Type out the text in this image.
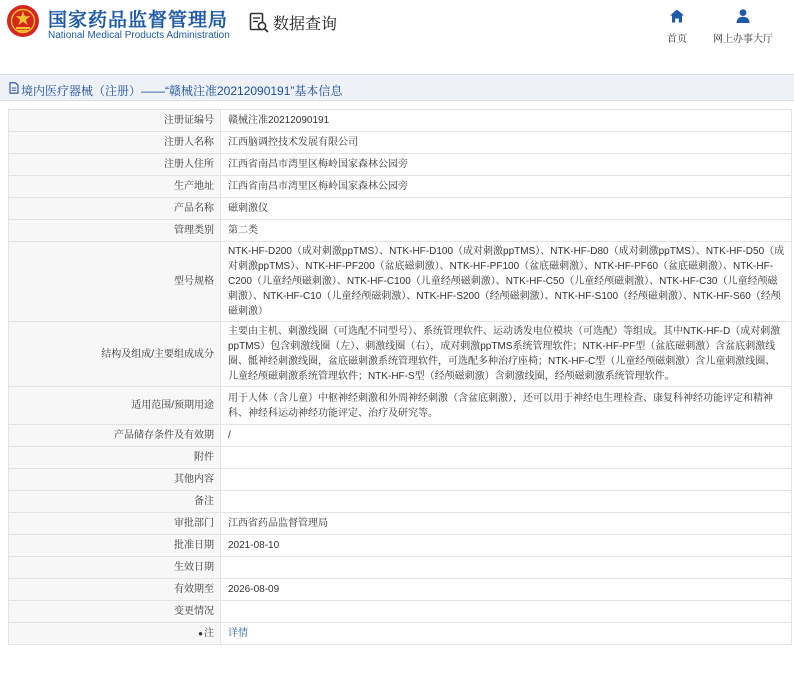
国家药品监督管理局
National Medical Products Administration
数据查询
首页	网上办事大厅
境内医疗器械（注册）——“赣械注准20212090191”基本信息
注册证编号	赣械注准20212090191
注册人名称	江西脑调控技术发展有限公司
注册人住所	江西省南昌市湾里区梅岭国家森林公园旁
生产地址	江西省南昌市湾里区梅岭国家森林公园旁
产品名称	磁刺激仪
管理类别	第二类
型号规格	NTK-HF-D200（成对刺激ppTMS）、NTK-HF-D100（成对刺激ppTMS）、NTK-HF-D80（成对刺激ppTMS）、NTK-HF-D50（成对刺激ppTMS）、NTK-HF-PF200（盆底磁刺激）、NTK-HF-PF100（盆底磁刺激）、NTK-HF-PF60（盆底磁刺激）、NTK-HF-C200（儿童经颅磁刺激）、NTK-HF-C100（儿童经颅磁刺激）、NTK-HF-C50（儿童经颅磁刺激）、NTK-HF-C30（儿童经颅磁刺激）、NTK-HF-C10（儿童经颅磁刺激）、NTK-HF-S200（经颅磁刺激）、NTK-HF-S100（经颅磁刺激）、NTK-HF-S60（经颅磁刺激）
结构及组成/主要组成成分	主要由主机、刺激线圈（可选配不同型号）、系统管理软件、运动诱发电位模块（可选配）等组成。其中NTK-HF-D（成对刺激ppTMS）包含刺激线圈（左）、刺激线圈（右），成对刺激ppTMS系统管理软件；NTK-HF-PF型（盆底磁刺激）含盆底刺激线圈、骶神经刺激线圈，盆底磁刺激系统管理软件，可选配多种治疗座椅；NTK-HF-C型（儿童经颅磁刺激）含儿童刺激线圈、儿童经颅磁刺激系统管理软件；NTK-HF-S型（经颅磁刺激）含刺激线圈，经颅磁刺激系统管理软件。
适用范围/预期用途	用于人体（含儿童）中枢神经刺激和外周神经刺激（含盆底刺激），还可以用于神经电生理检查、康复科神经功能评定和精神科、神经科运动神经功能评定、治疗及研究等。
产品储存条件及有效期	/
附件	
其他内容	
备注	
审批部门	江西省药品监督管理局
批准日期	2021-08-10
生效日期	
有效期至	2026-08-09
变更情况	
●注	详情
